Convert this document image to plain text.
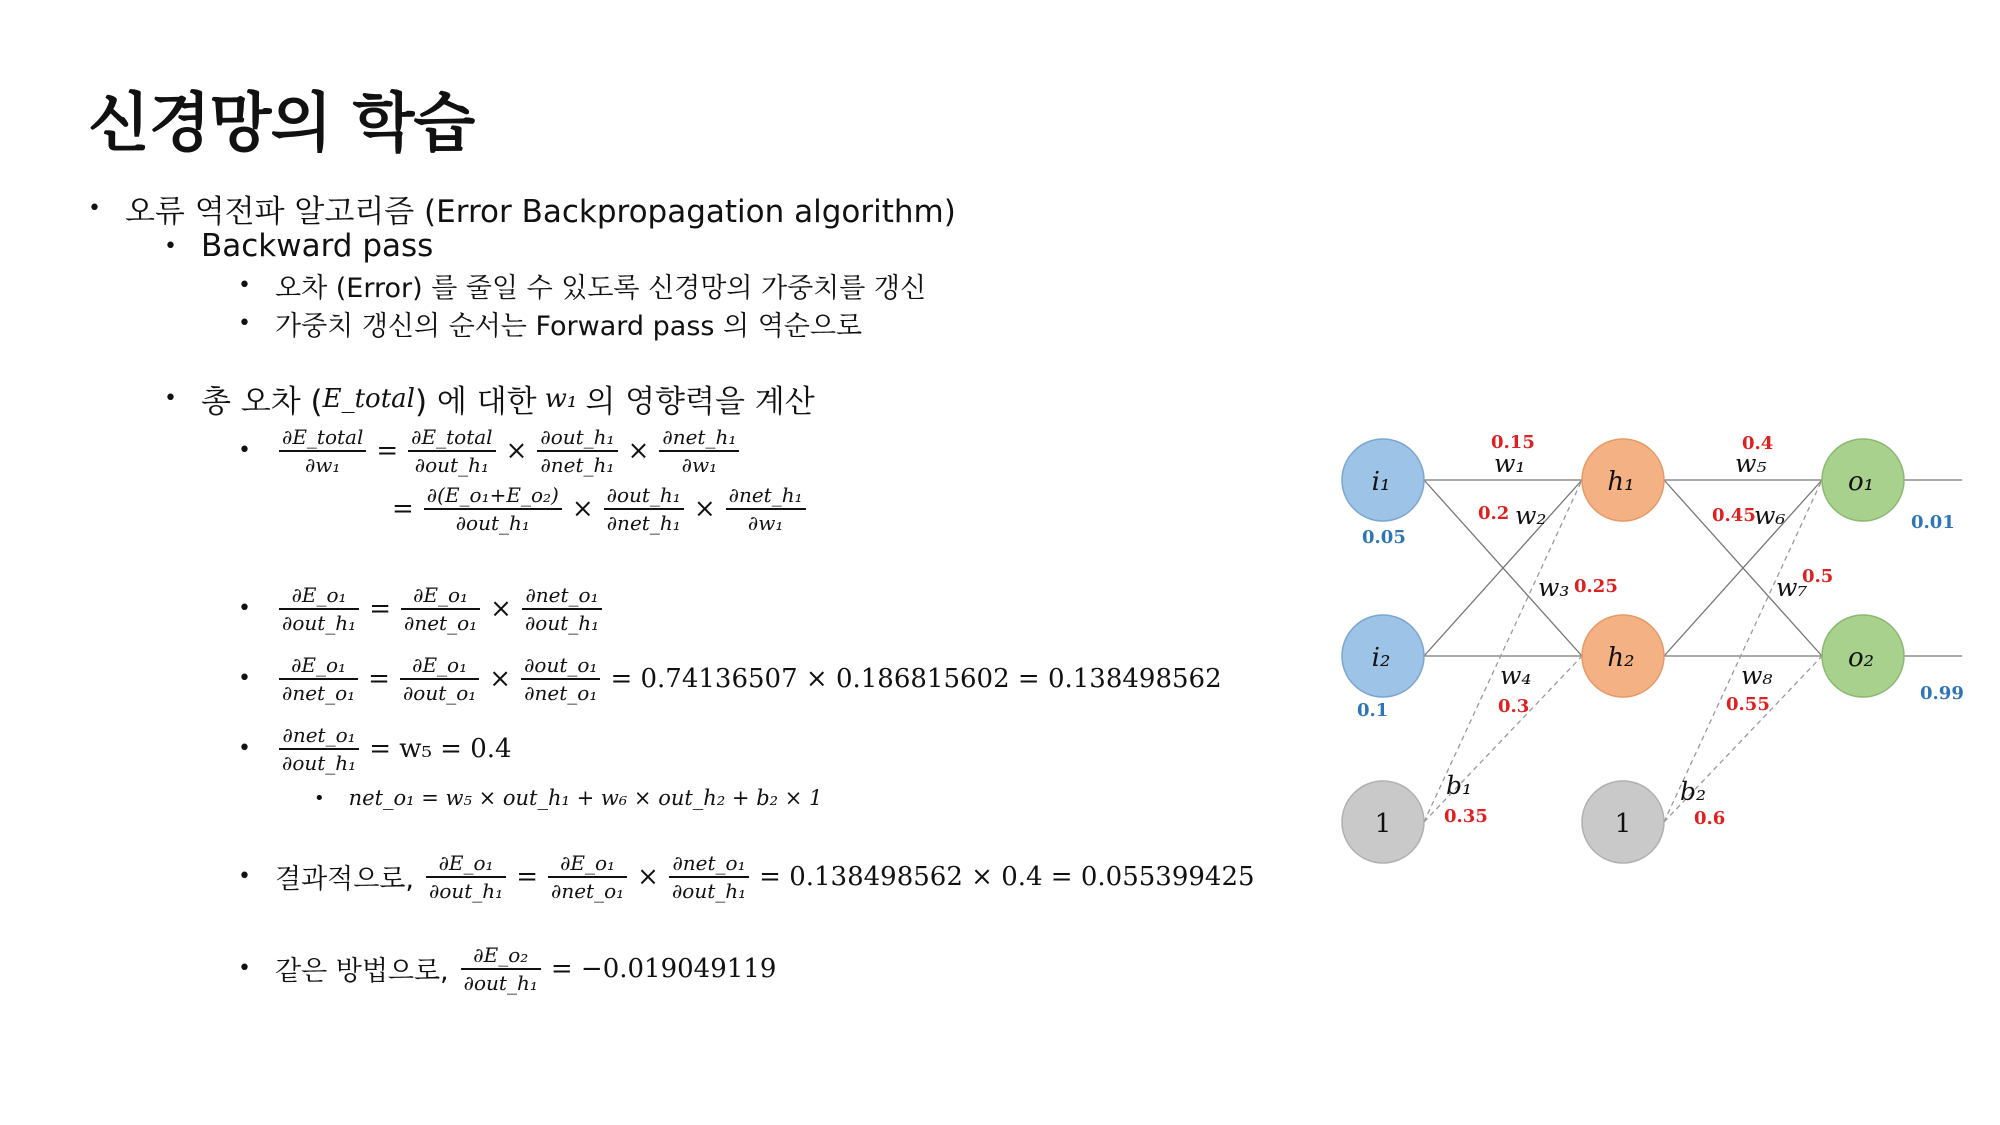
신경망의 학습
• 오류 역전파 알고리즘 (Error Backpropagation algorithm)
• Backward pass
• 오차 (Error) 를 줄일 수 있도록 신경망의 가중치를 갱신
• 가중치 갱신의 순서는 Forward pass 의 역순으로
• 총 오차 ( E_total ) 에 대한 w₁ 의 영향력을 계산
• $\frac{\text{∂E\_total}}{\text{∂w₁}} = \frac{\text{∂E\_total}}{\text{∂out\_h₁}} \times \frac{\text{∂out\_h₁}}{\text{∂net\_h₁}} \times \frac{\text{∂net\_h₁}}{\text{∂w₁}}$
= $\frac{\text{∂(E\_o₁+E\_o₂)}}{\text{∂out\_h₁}} \times \frac{\text{∂out\_h₁}}{\text{∂net\_h₁}} \times \frac{\text{∂net\_h₁}}{\text{∂w₁}}$
• $\frac{\text{∂E\_o₁}}{\text{∂out\_h₁}} = \frac{\text{∂E\_o₁}}{\text{∂net\_o₁}} \times \frac{\text{∂net\_o₁}}{\text{∂out\_h₁}}$
• $\frac{\text{∂E\_o₁}}{\text{∂net\_o₁}} = \frac{\text{∂E\_o₁}}{\text{∂out\_o₁}} \times \frac{\text{∂out\_o₁}}{\text{∂net\_o₁}} = 0.74136507 \times 0.186815602 = 0.138498562$
• $\frac{\text{∂net\_o₁}}{\text{∂out\_h₁}} = w_5 = 0.4$
• net_o₁ = w₅ × out_h₁ + w₆ × out_h₂ + b₂ × 1
• 결과적으로, $\frac{\text{∂E\_o₁}}{\text{∂out\_h₁}} = \frac{\text{∂E\_o₁}}{\text{∂net\_o₁}} \times \frac{\text{∂net\_o₁}}{\text{∂out\_h₁}} = 0.138498562 \times 0.4 = 0.055399425$
• 같은 방법으로, $\frac{\text{∂E\_o₂}}{\text{∂out\_h₁}} = -0.019049119$
i₁
i₂
h₁
h₂
o₁
o₂
1	1
w₁
w₂
w₃
w₄
w₅
w₆
w₇
w₈
b₁	b₂
0.15
0.2
0.25
0.3
0.4
0.45
0.5
0.55
0.35	0.6
0.05
0.1
0.01
0.99
